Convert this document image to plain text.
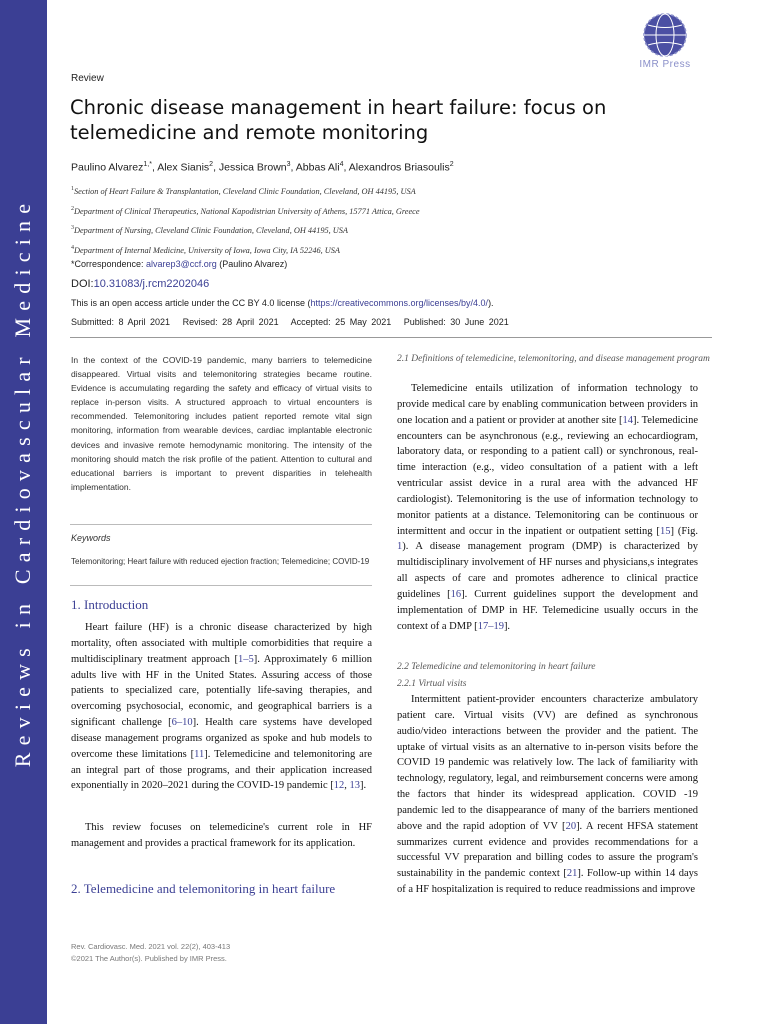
Reviews in Cardiovascular Medicine
IMR Press
Review
Chronic disease management in heart failure: focus on telemedicine and remote monitoring
Paulino Alvarez$^{1,*}$, Alex Sianis$^2$, Jessica Brown$^3$, Abbas Ali$^4$, Alexandros Briasoulis$^2$
$^1$Section of Heart Failure & Transplantation, Cleveland Clinic Foundation, Cleveland, OH 44195, USA
$^2$Department of Clinical Therapeutics, National Kapodistrian University of Athens, 15771 Attica, Greece
$^3$Department of Nursing, Cleveland Clinic Foundation, Cleveland, OH 44195, USA
$^4$Department of Internal Medicine, University of Iowa, Iowa City, IA 52246, USA
*Correspondence: alvarep3@ccf.org (Paulino Alvarez)
DOI:10.31083/j.rcm2202046
This is an open access article under the CC BY 4.0 license (https://creativecommons.org/licenses/by/4.0/).
Submitted: 8 April 2021 Revised: 28 April 2021 Accepted: 25 May 2021 Published: 30 June 2021

In the context of the COVID-19 pandemic, many barriers to telemedicine disappeared. Virtual visits and telemonitoring strategies became routine. Evidence is accumulating regarding the safety and efficacy of virtual visits to replace in-person visits. A structured approach to virtual encounters is recommended. Telemonitoring includes patient reported remote vital sign monitoring, information from wearable devices, cardiac implantable electronic devices and invasive remote hemodynamic monitoring. The intensity of the monitoring should match the risk profile of the patient. Attention to cultural and educational barriers is important to prevent disparities in telehealth implementation.

Keywords

Telemonitoring; Heart failure with reduced ejection fraction; Telemedicine; COVID-19

1. Introduction

Heart failure (HF) is a chronic disease characterized by high mortality, often associated with multiple comorbidities that require a multidisciplinary treatment approach [1–5]. Approximately 6 million adults live with HF in the United States. Assuring access of those patients to specialized care, potentially life-saving therapies, and overcoming psychosocial, economic, and geographical barriers is a significant challenge [6–10]. Health care systems have developed disease management programs organized as spoke and hub models to overcome these limitations [11]. Telemedicine and telemonitoring are an integral part of those programs, and their application increased exponentially in 2020–2021 during the COVID-19 pandemic [12, 13].

This review focuses on telemedicine's current role in HF management and provides a practical framework for its application.

2. Telemedicine and telemonitoring in heart failure

2.1 Definitions of telemedicine, telemonitoring, and disease management program

Telemedicine entails utilization of information technology to provide medical care by enabling communication between providers in one location and a patient or provider at another site [14]. Telemedicine encounters can be asynchronous (e.g., reviewing an echocardiogram, laboratory data, or responding to a patient call) or synchronous, real-time interaction (e.g., video consultation of a patient with a left ventricular assist device in a rural area with the advanced HF cardiologist). Telemonitoring is the use of information technology to monitor patients at a distance. Telemonitoring can be continuous or intermittent and occur in the inpatient or outpatient setting [15] (Fig. 1). A disease management program (DMP) is characterized by multidisciplinary involvement of HF nurses and physicians,s integrates all aspects of care and promotes adherence to clinical practice guidelines [16]. Current guidelines support the development and implementation of DMP in HF. Telemedicine usually occurs in the context of a DMP [17–19].

2.2 Telemedicine and telemonitoring in heart failure

2.2.1 Virtual visits

Intermittent patient-provider encounters characterize ambulatory patient care. Virtual visits (VV) are defined as synchronous audio/video interactions between the provider and the patient. The uptake of virtual visits as an alternative to in-person visits before the COVID 19 pandemic was relatively low. The lack of familiarity with technology, regulatory, legal, and reimbursement concerns were among the factors that hinder its widespread application. COVID -19 pandemic led to the disappearance of many of the barriers mentioned above and the rapid adoption of VV [20]. A recent HFSA statement summarizes current evidence and provides recommendations for a successful VV preparation and billing codes to assure the program's sustainability in the pandemic context [21]. Follow-up within 14 days of a HF hospitalization is required to reduce readmissions and improve

Rev. Cardiovasc. Med. 2021 vol. 22(2), 403-413
©2021 The Author(s). Published by IMR Press.
